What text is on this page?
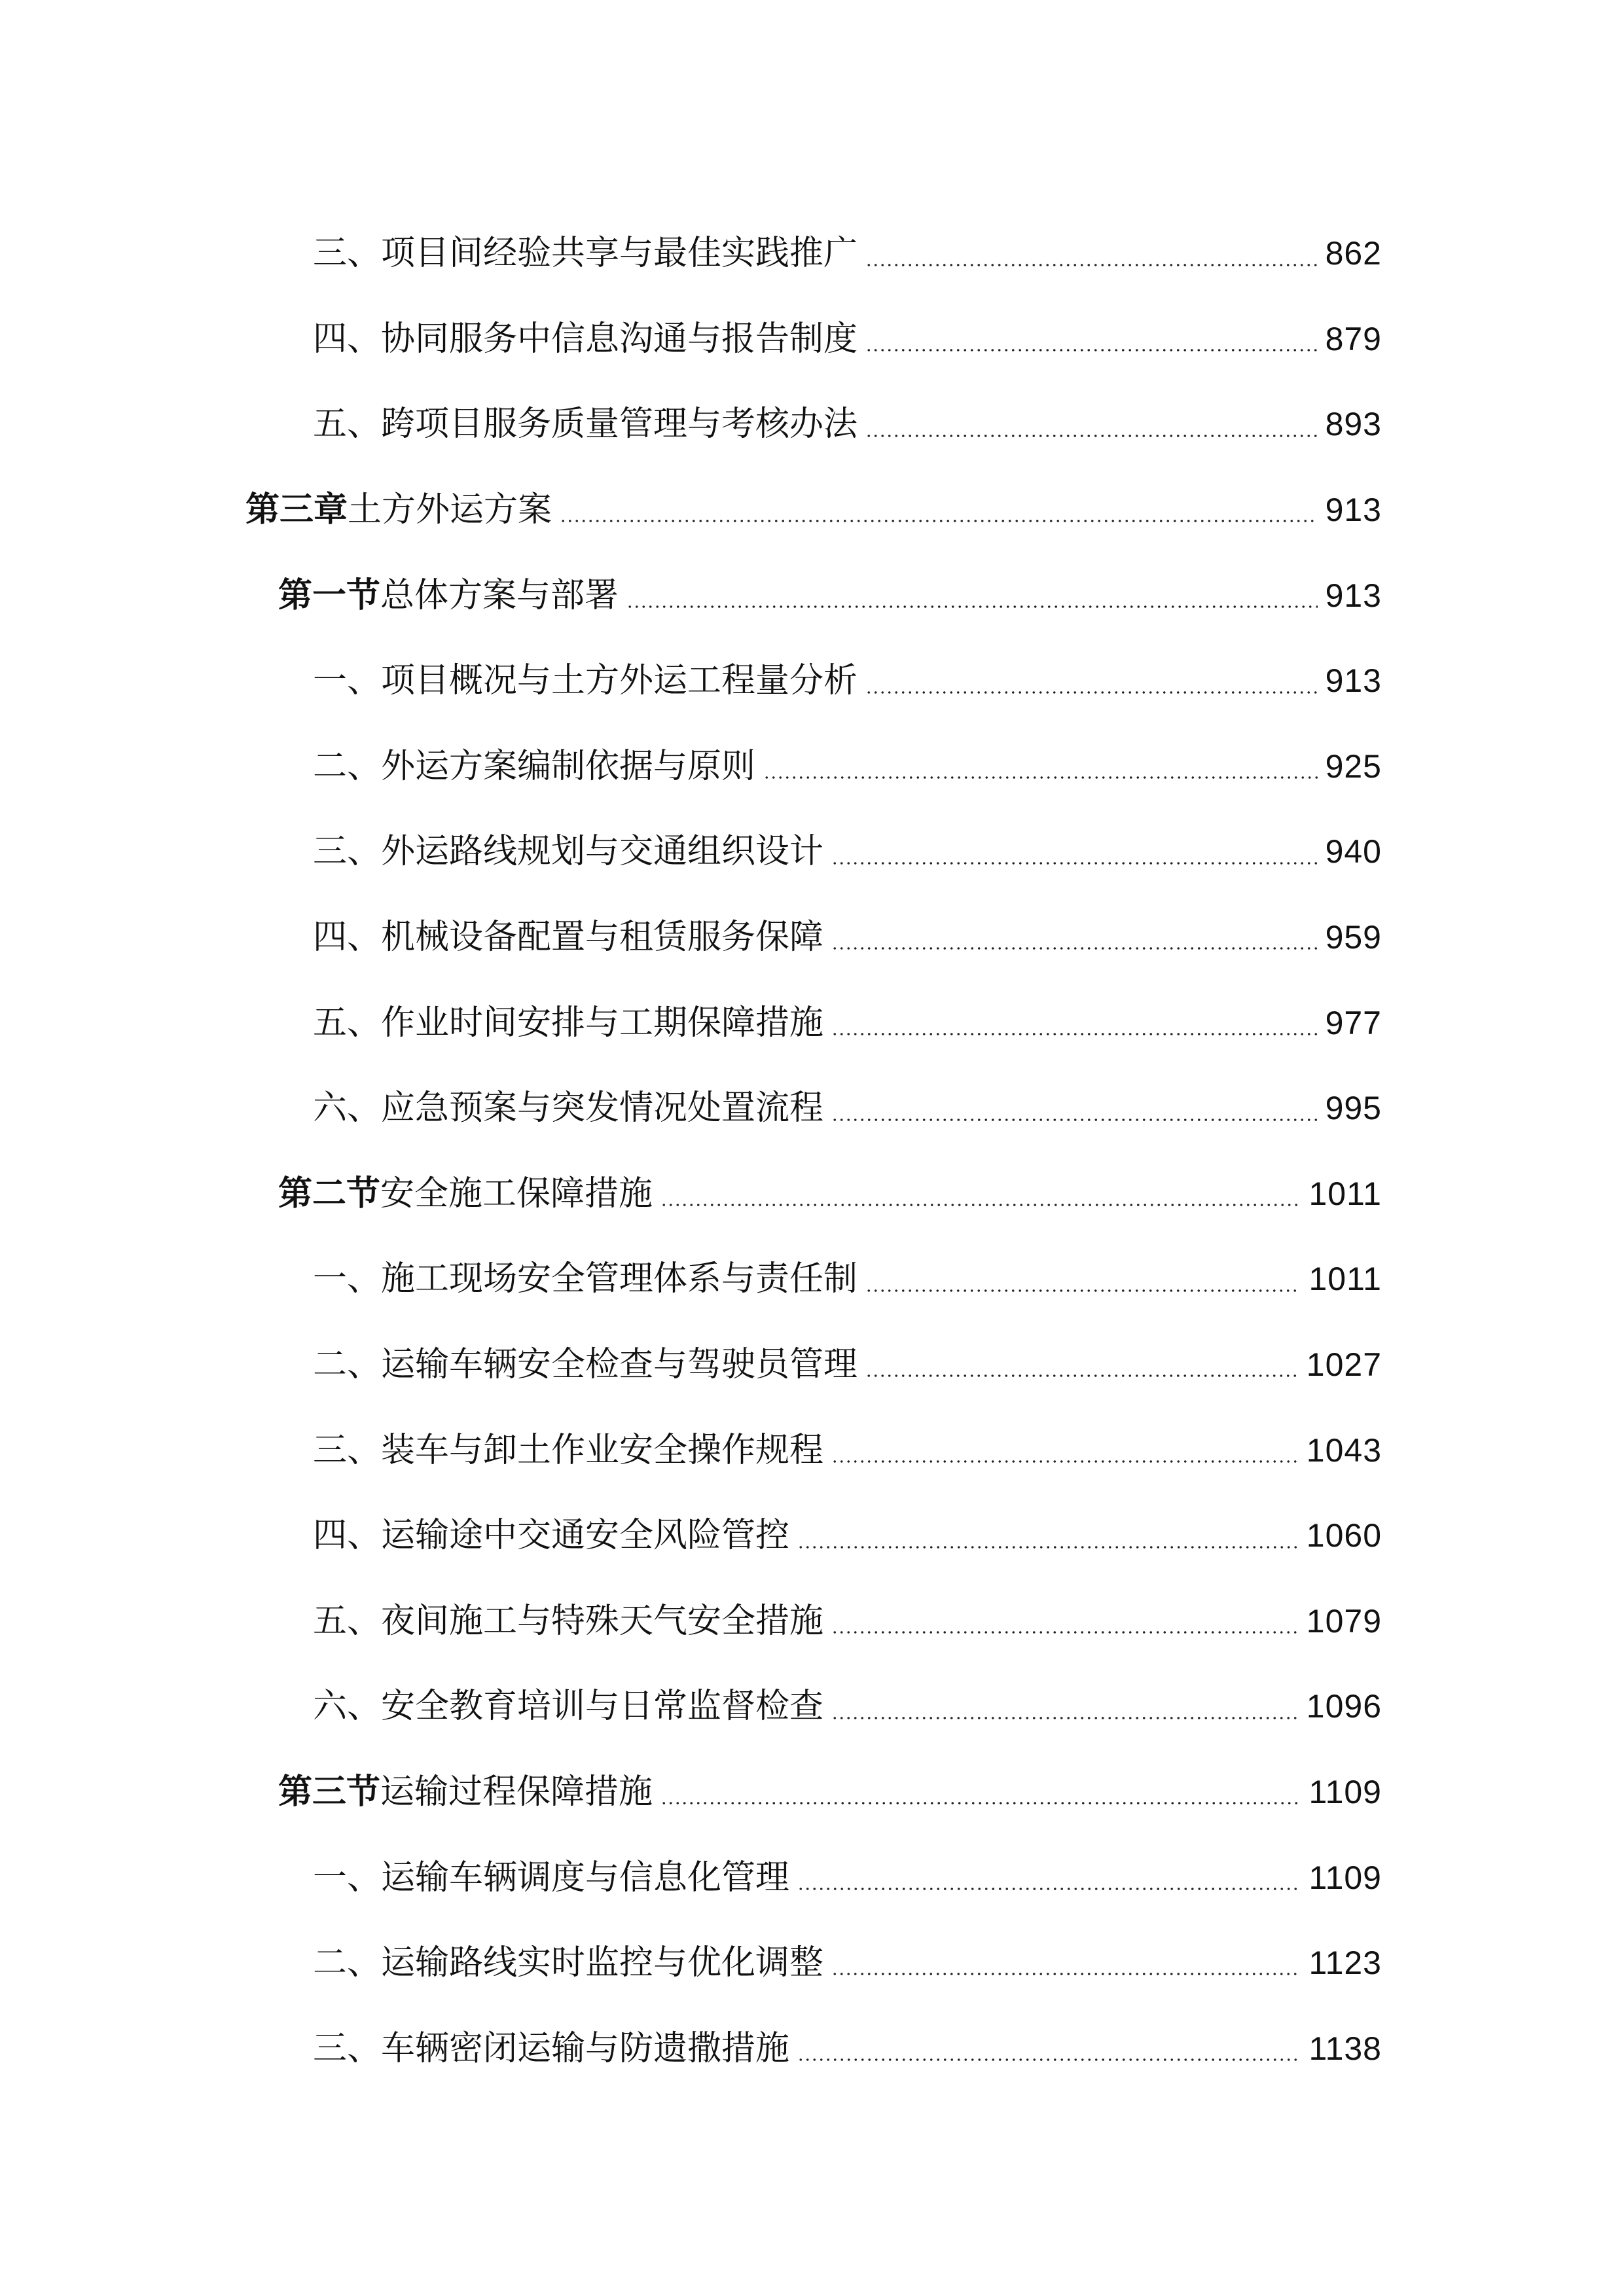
三、项目间经验共享与最佳实践推广	862
四、协同服务中信息沟通与报告制度	879
五、跨项目服务质量管理与考核办法	893
第三章土方外运方案	913
第一节总体方案与部署	913
一、项目概况与土方外运工程量分析	913
二、外运方案编制依据与原则	925
三、外运路线规划与交通组织设计	940
四、机械设备配置与租赁服务保障	959
五、作业时间安排与工期保障措施	977
六、应急预案与突发情况处置流程	995
第二节安全施工保障措施	1011
一、施工现场安全管理体系与责任制	1011
二、运输车辆安全检查与驾驶员管理	1027
三、装车与卸土作业安全操作规程	1043
四、运输途中交通安全风险管控	1060
五、夜间施工与特殊天气安全措施	1079
六、安全教育培训与日常监督检查	1096
第三节运输过程保障措施	1109
一、运输车辆调度与信息化管理	1109
二、运输路线实时监控与优化调整	1123
三、车辆密闭运输与防遗撒措施	1138
